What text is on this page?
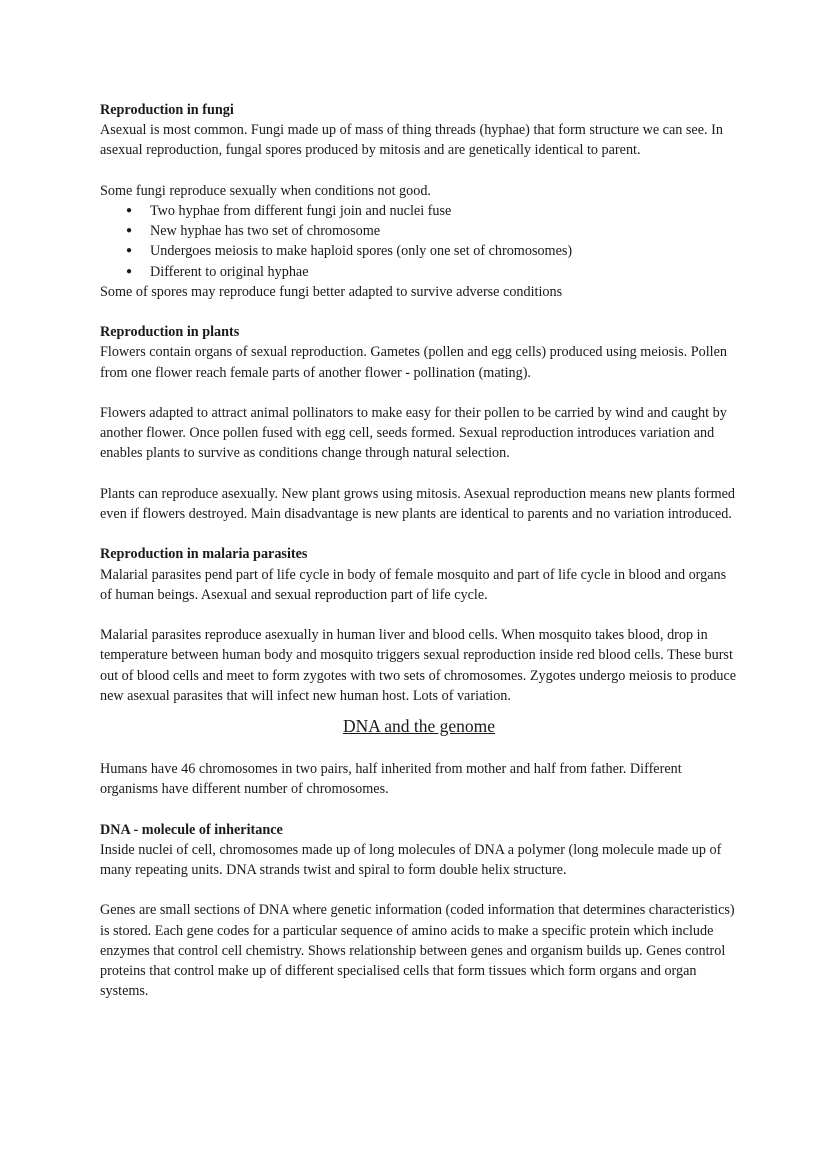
Reproduction in fungi

Asexual is most common. Fungi made up of mass of thing threads (hyphae) that form structure we can see. In asexual reproduction, fungal spores produced by mitosis and are genetically identical to parent.

Some fungi reproduce sexually when conditions not good.

● Two hyphae from different fungi join and nuclei fuse
● New hyphae has two set of chromosome
● Undergoes meiosis to make haploid spores (only one set of chromosomes)
● Different to original hyphae

Some of spores may reproduce fungi better adapted to survive adverse conditions

Reproduction in plants

Flowers contain organs of sexual reproduction. Gametes (pollen and egg cells) produced using meiosis. Pollen from one flower reach female parts of another flower - pollination (mating).

Flowers adapted to attract animal pollinators to make easy for their pollen to be carried by wind and caught by another flower. Once pollen fused with egg cell, seeds formed. Sexual reproduction introduces variation and enables plants to survive as conditions change through natural selection.

Plants can reproduce asexually. New plant grows using mitosis. Asexual reproduction means new plants formed even if flowers destroyed. Main disadvantage is new plants are identical to parents and no variation introduced.

Reproduction in malaria parasites

Malarial parasites pend part of life cycle in body of female mosquito and part of life cycle in blood and organs of human beings. Asexual and sexual reproduction part of life cycle.

Malarial parasites reproduce asexually in human liver and blood cells. When mosquito takes blood, drop in temperature between human body and mosquito triggers sexual reproduction inside red blood cells. These burst out of blood cells and meet to form zygotes with two sets of chromosomes. Zygotes undergo meiosis to produce new asexual parasites that will infect new human host. Lots of variation.

DNA and the genome

Humans have 46 chromosomes in two pairs, half inherited from mother and half from father. Different organisms have different number of chromosomes.

DNA - molecule of inheritance

Inside nuclei of cell, chromosomes made up of long molecules of DNA a polymer (long molecule made up of many repeating units. DNA strands twist and spiral to form double helix structure.

Genes are small sections of DNA where genetic information (coded information that determines characteristics) is stored. Each gene codes for a particular sequence of amino acids to make a specific protein which include enzymes that control cell chemistry. Shows relationship between genes and organism builds up. Genes control proteins that control make up of different specialised cells that form tissues which form organs and organ systems.
